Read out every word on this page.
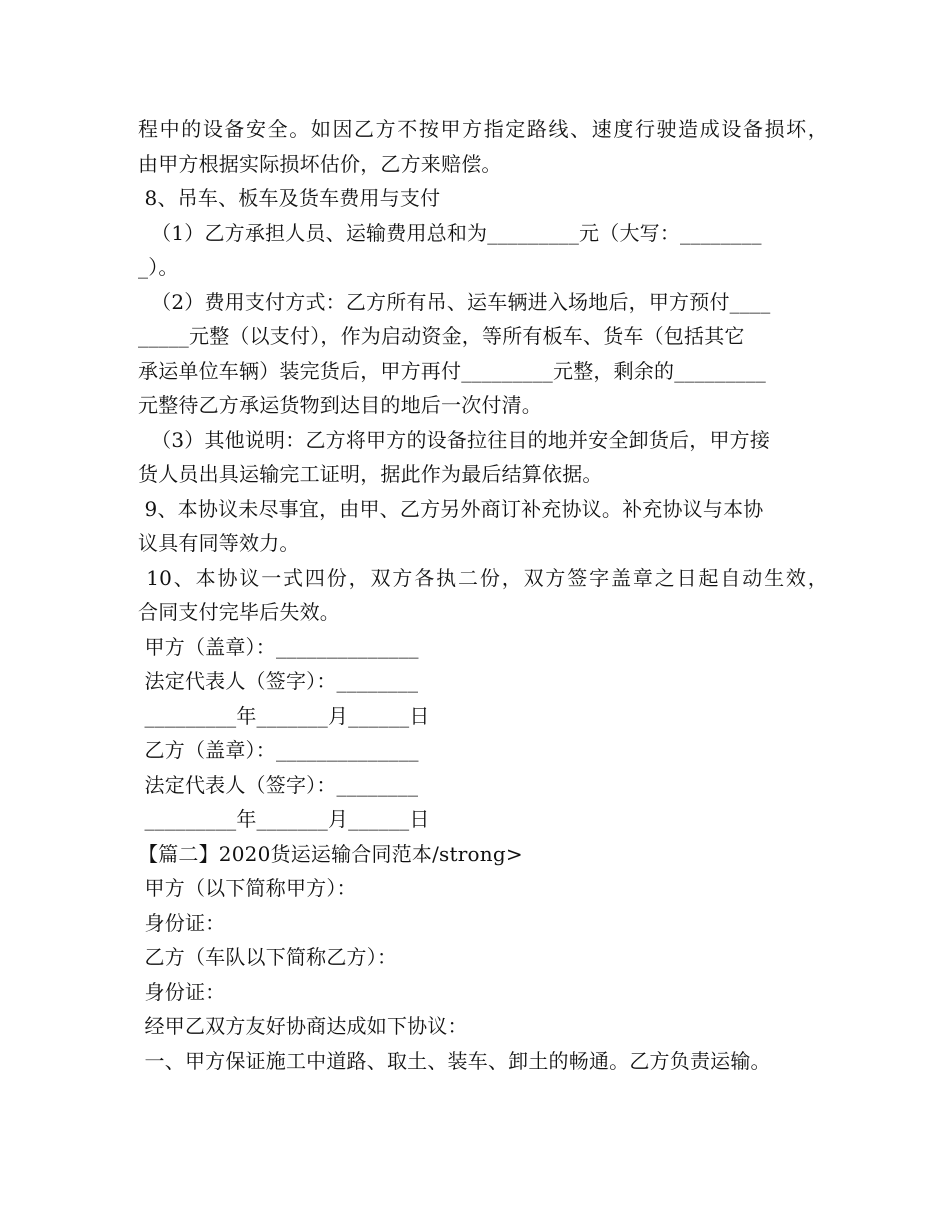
程中的设备安全。如因乙方不按甲方指定路线、速度行驶造成设备损坏，
由甲方根据实际损坏估价，乙方来赔偿。
8、吊车、板车及货车费用与支付
（1）乙方承担人员、运输费用总和为_________元（大写：________
_）。
（2）费用支付方式：乙方所有吊、运车辆进入场地后，甲方预付____
_____元整（以支付），作为启动资金，等所有板车、货车（包括其它
承运单位车辆）装完货后，甲方再付_________元整，剩余的_________
元整待乙方承运货物到达目的地后一次付清。
（3）其他说明：乙方将甲方的设备拉往目的地并安全卸货后，甲方接
货人员出具运输完工证明，据此作为最后结算依据。
9、本协议未尽事宜，由甲、乙方另外商订补充协议。补充协议与本协
议具有同等效力。
10、本协议一式四份，双方各执二份，双方签字盖章之日起自动生效，
合同支付完毕后失效。
甲方（盖章）：______________
法定代表人（签字）：________
_________年_______月______日
乙方（盖章）：______________
法定代表人（签字）：________
_________年_______月______日
【篇二】2020货运运输合同范本/strong>
甲方（以下简称甲方）：
身份证：
乙方（车队以下简称乙方）：
身份证：
经甲乙双方友好协商达成如下协议：
一、甲方保证施工中道路、取土、装车、卸土的畅通。乙方负责运输。
